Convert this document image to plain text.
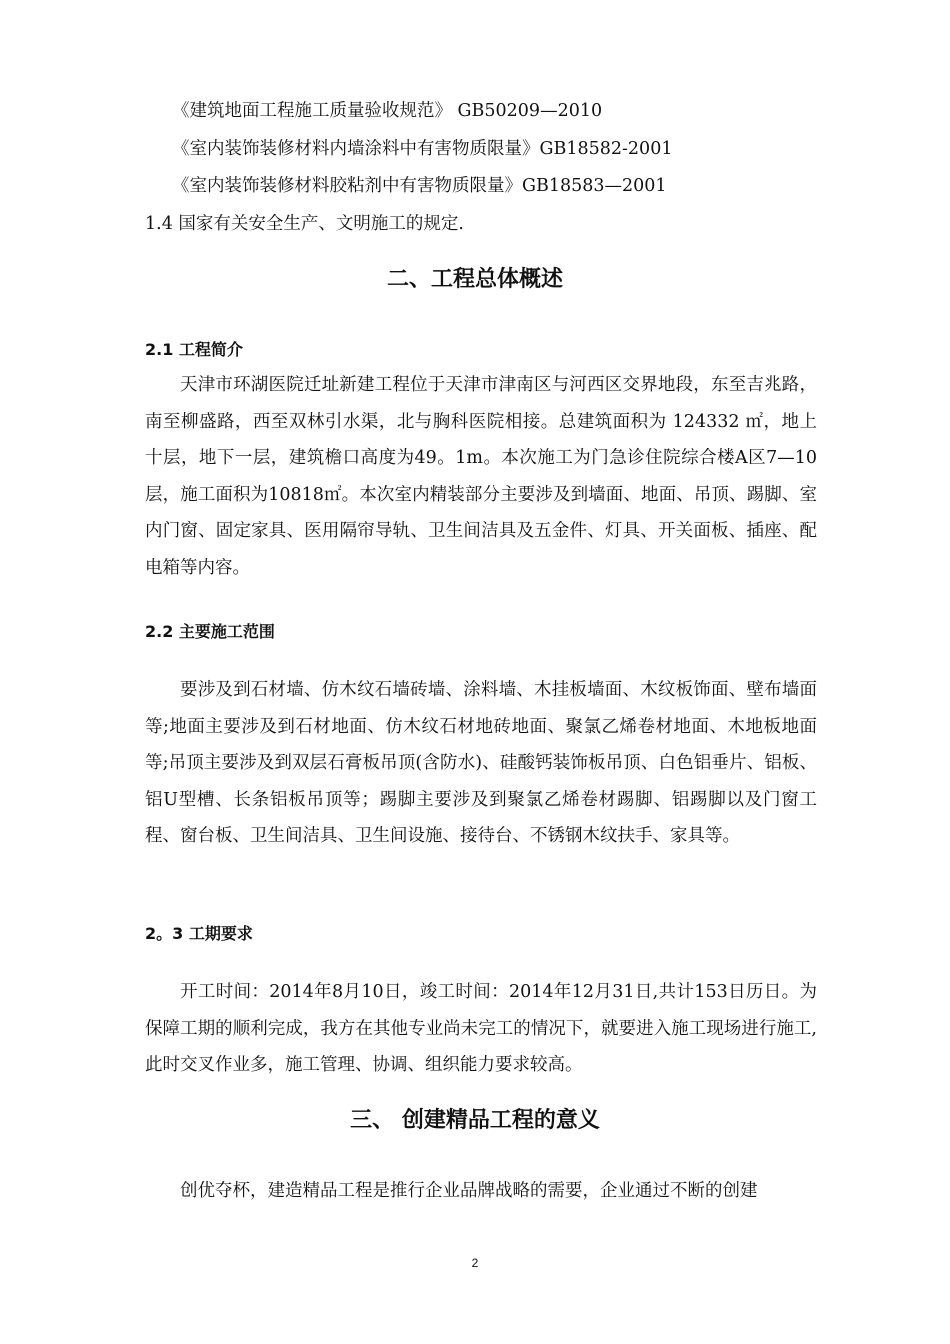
《建筑地面工程施工质量验收规范》 GB50209—2010
《室内装饰装修材料内墙涂料中有害物质限量》GB18582-2001
《室内装饰装修材料胶粘剂中有害物质限量》GB18583—2001
1.4 国家有关安全生产、文明施工的规定.
二、工程总体概述
2.1 工程简介

天津市环湖医院迁址新建工程位于天津市津南区与河西区交界地段，东至吉兆路，南至柳盛路，西至双林引水渠，北与胸科医院相接。总建筑面积为 124332 ㎡，地上十层，地下一层，建筑檐口高度为49。1m。本次施工为门急诊住院综合楼A区7—10层，施工面积为10818㎡。本次室内精装部分主要涉及到墙面、地面、吊顶、踢脚、室内门窗、固定家具、医用隔帘导轨、卫生间洁具及五金件、灯具、开关面板、插座、配电箱等内容。

2.2 主要施工范围

要涉及到石材墙、仿木纹石墙砖墙、涂料墙、木挂板墙面、木纹板饰面、壁布墙面等;地面主要涉及到石材地面、仿木纹石材地砖地面、聚氯乙烯卷材地面、木地板地面等;吊顶主要涉及到双层石膏板吊顶(含防水)、硅酸钙装饰板吊顶、白色铝垂片、铝板、铝U型槽、长条铝板吊顶等；踢脚主要涉及到聚氯乙烯卷材踢脚、铝踢脚以及门窗工程、窗台板、卫生间洁具、卫生间设施、接待台、不锈钢木纹扶手、家具等。

2。3 工期要求

开工时间：2014年8月10日，竣工时间：2014年12月31日,共计153日历日。为保障工期的顺利完成，我方在其他专业尚未完工的情况下，就要进入施工现场进行施工,此时交叉作业多，施工管理、协调、组织能力要求较高。

三、 创建精品工程的意义

创优夺杯，建造精品工程是推行企业品牌战略的需要，企业通过不断的创建

2
